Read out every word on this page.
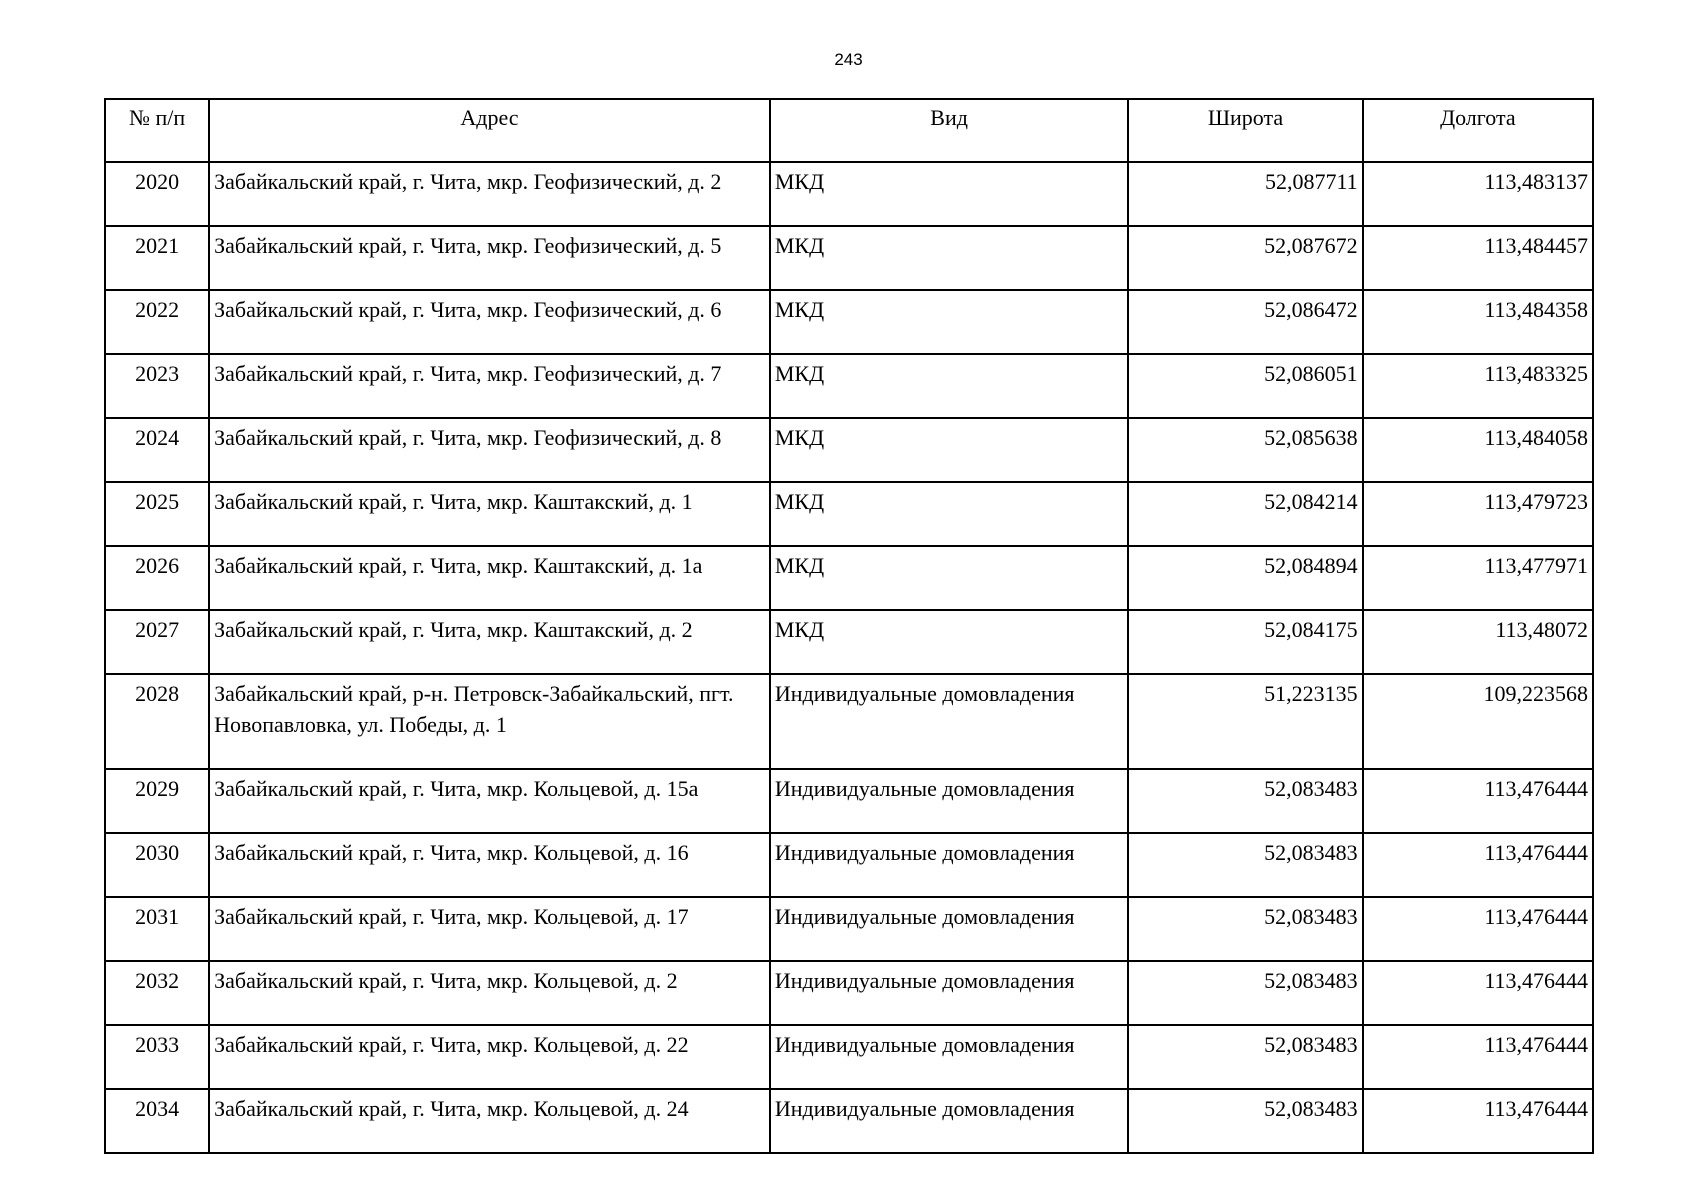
243
№ п/п	Адрес	Вид	Широта	Долгота
2020	Забайкальский край, г. Чита, мкр. Геофизический, д. 2	МКД	52,087711	113,483137
2021	Забайкальский край, г. Чита, мкр. Геофизический, д. 5	МКД	52,087672	113,484457
2022	Забайкальский край, г. Чита, мкр. Геофизический, д. 6	МКД	52,086472	113,484358
2023	Забайкальский край, г. Чита, мкр. Геофизический, д. 7	МКД	52,086051	113,483325
2024	Забайкальский край, г. Чита, мкр. Геофизический, д. 8	МКД	52,085638	113,484058
2025	Забайкальский край, г. Чита, мкр. Каштакский, д. 1	МКД	52,084214	113,479723
2026	Забайкальский край, г. Чита, мкр. Каштакский, д. 1а	МКД	52,084894	113,477971
2027	Забайкальский край, г. Чита, мкр. Каштакский, д. 2	МКД	52,084175	113,48072
2028	Забайкальский край, р-н. Петровск-Забайкальский, пгт. Новопавловка, ул. Победы, д. 1	Индивидуальные домовладения	51,223135	109,223568
2029	Забайкальский край, г. Чита, мкр. Кольцевой, д. 15а	Индивидуальные домовладения	52,083483	113,476444
2030	Забайкальский край, г. Чита, мкр. Кольцевой, д. 16	Индивидуальные домовладения	52,083483	113,476444
2031	Забайкальский край, г. Чита, мкр. Кольцевой, д. 17	Индивидуальные домовладения	52,083483	113,476444
2032	Забайкальский край, г. Чита, мкр. Кольцевой, д. 2	Индивидуальные домовладения	52,083483	113,476444
2033	Забайкальский край, г. Чита, мкр. Кольцевой, д. 22	Индивидуальные домовладения	52,083483	113,476444
2034	Забайкальский край, г. Чита, мкр. Кольцевой, д. 24	Индивидуальные домовладения	52,083483	113,476444
